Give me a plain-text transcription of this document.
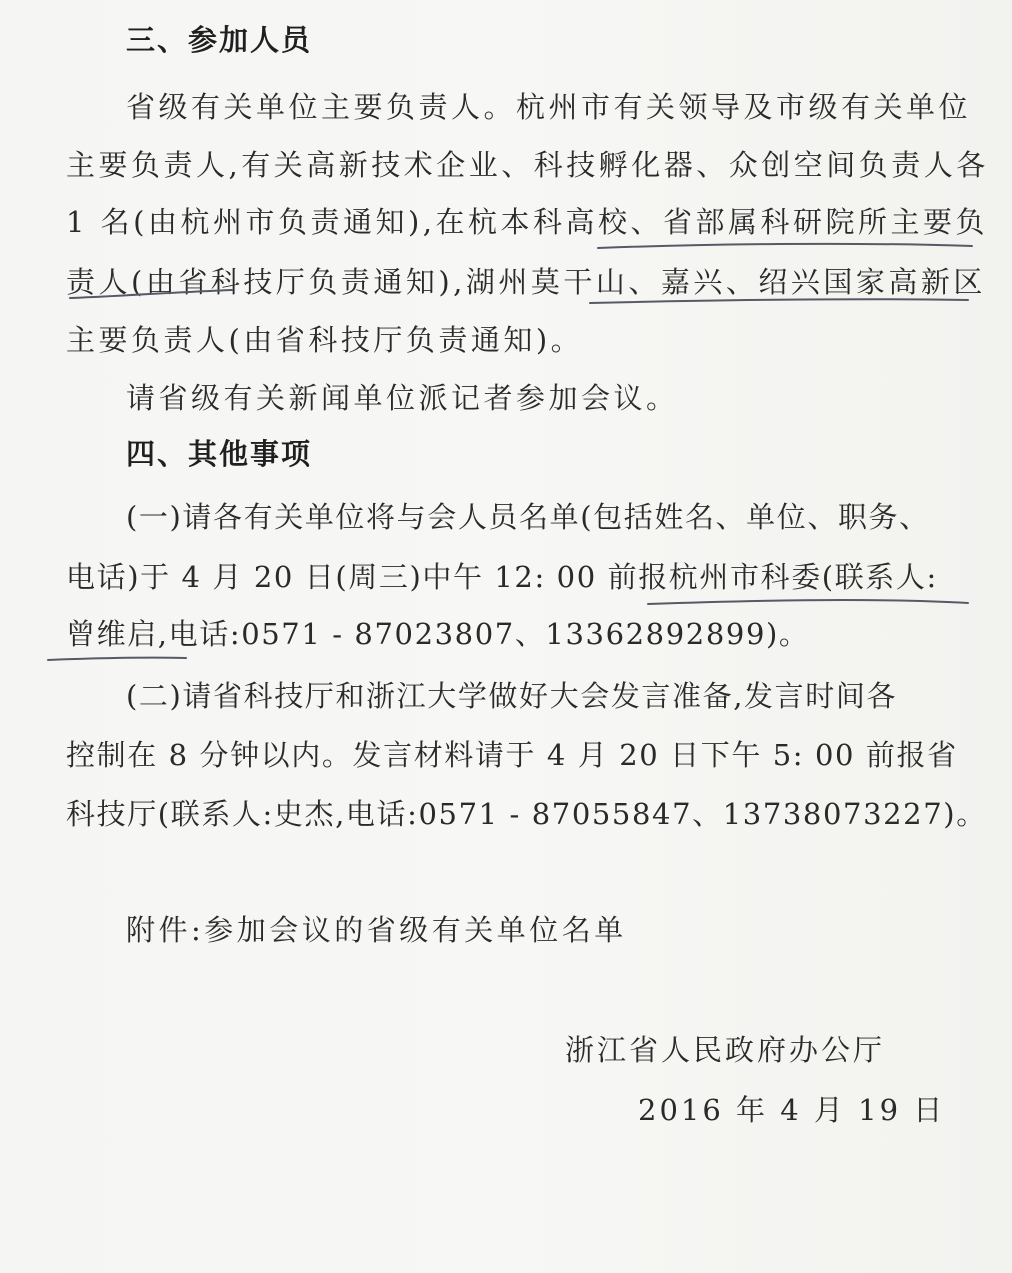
三、参加人员
省级有关单位主要负责人。杭州市有关领导及市级有关单位
主要负责人,有关高新技术企业、科技孵化器、众创空间负责人各
1 名(由杭州市负责通知),在杭本科高校、省部属科研院所主要负
责人(由省科技厅负责通知),湖州莫干山、嘉兴、绍兴国家高新区
主要负责人(由省科技厅负责通知)。
请省级有关新闻单位派记者参加会议。
四、其他事项
(一)请各有关单位将与会人员名单(包括姓名、单位、职务、
电话)于 4 月 20 日(周三)中午 12: 00 前报杭州市科委(联系人:
曾维启,电话:0571 - 87023807、13362892899)。
(二)请省科技厅和浙江大学做好大会发言准备,发言时间各
控制在 8 分钟以内。发言材料请于 4 月 20 日下午 5: 00 前报省
科技厅(联系人:史杰,电话:0571 - 87055847、13738073227)。
附件:参加会议的省级有关单位名单
浙江省人民政府办公厅
2016 年 4 月 19 日
